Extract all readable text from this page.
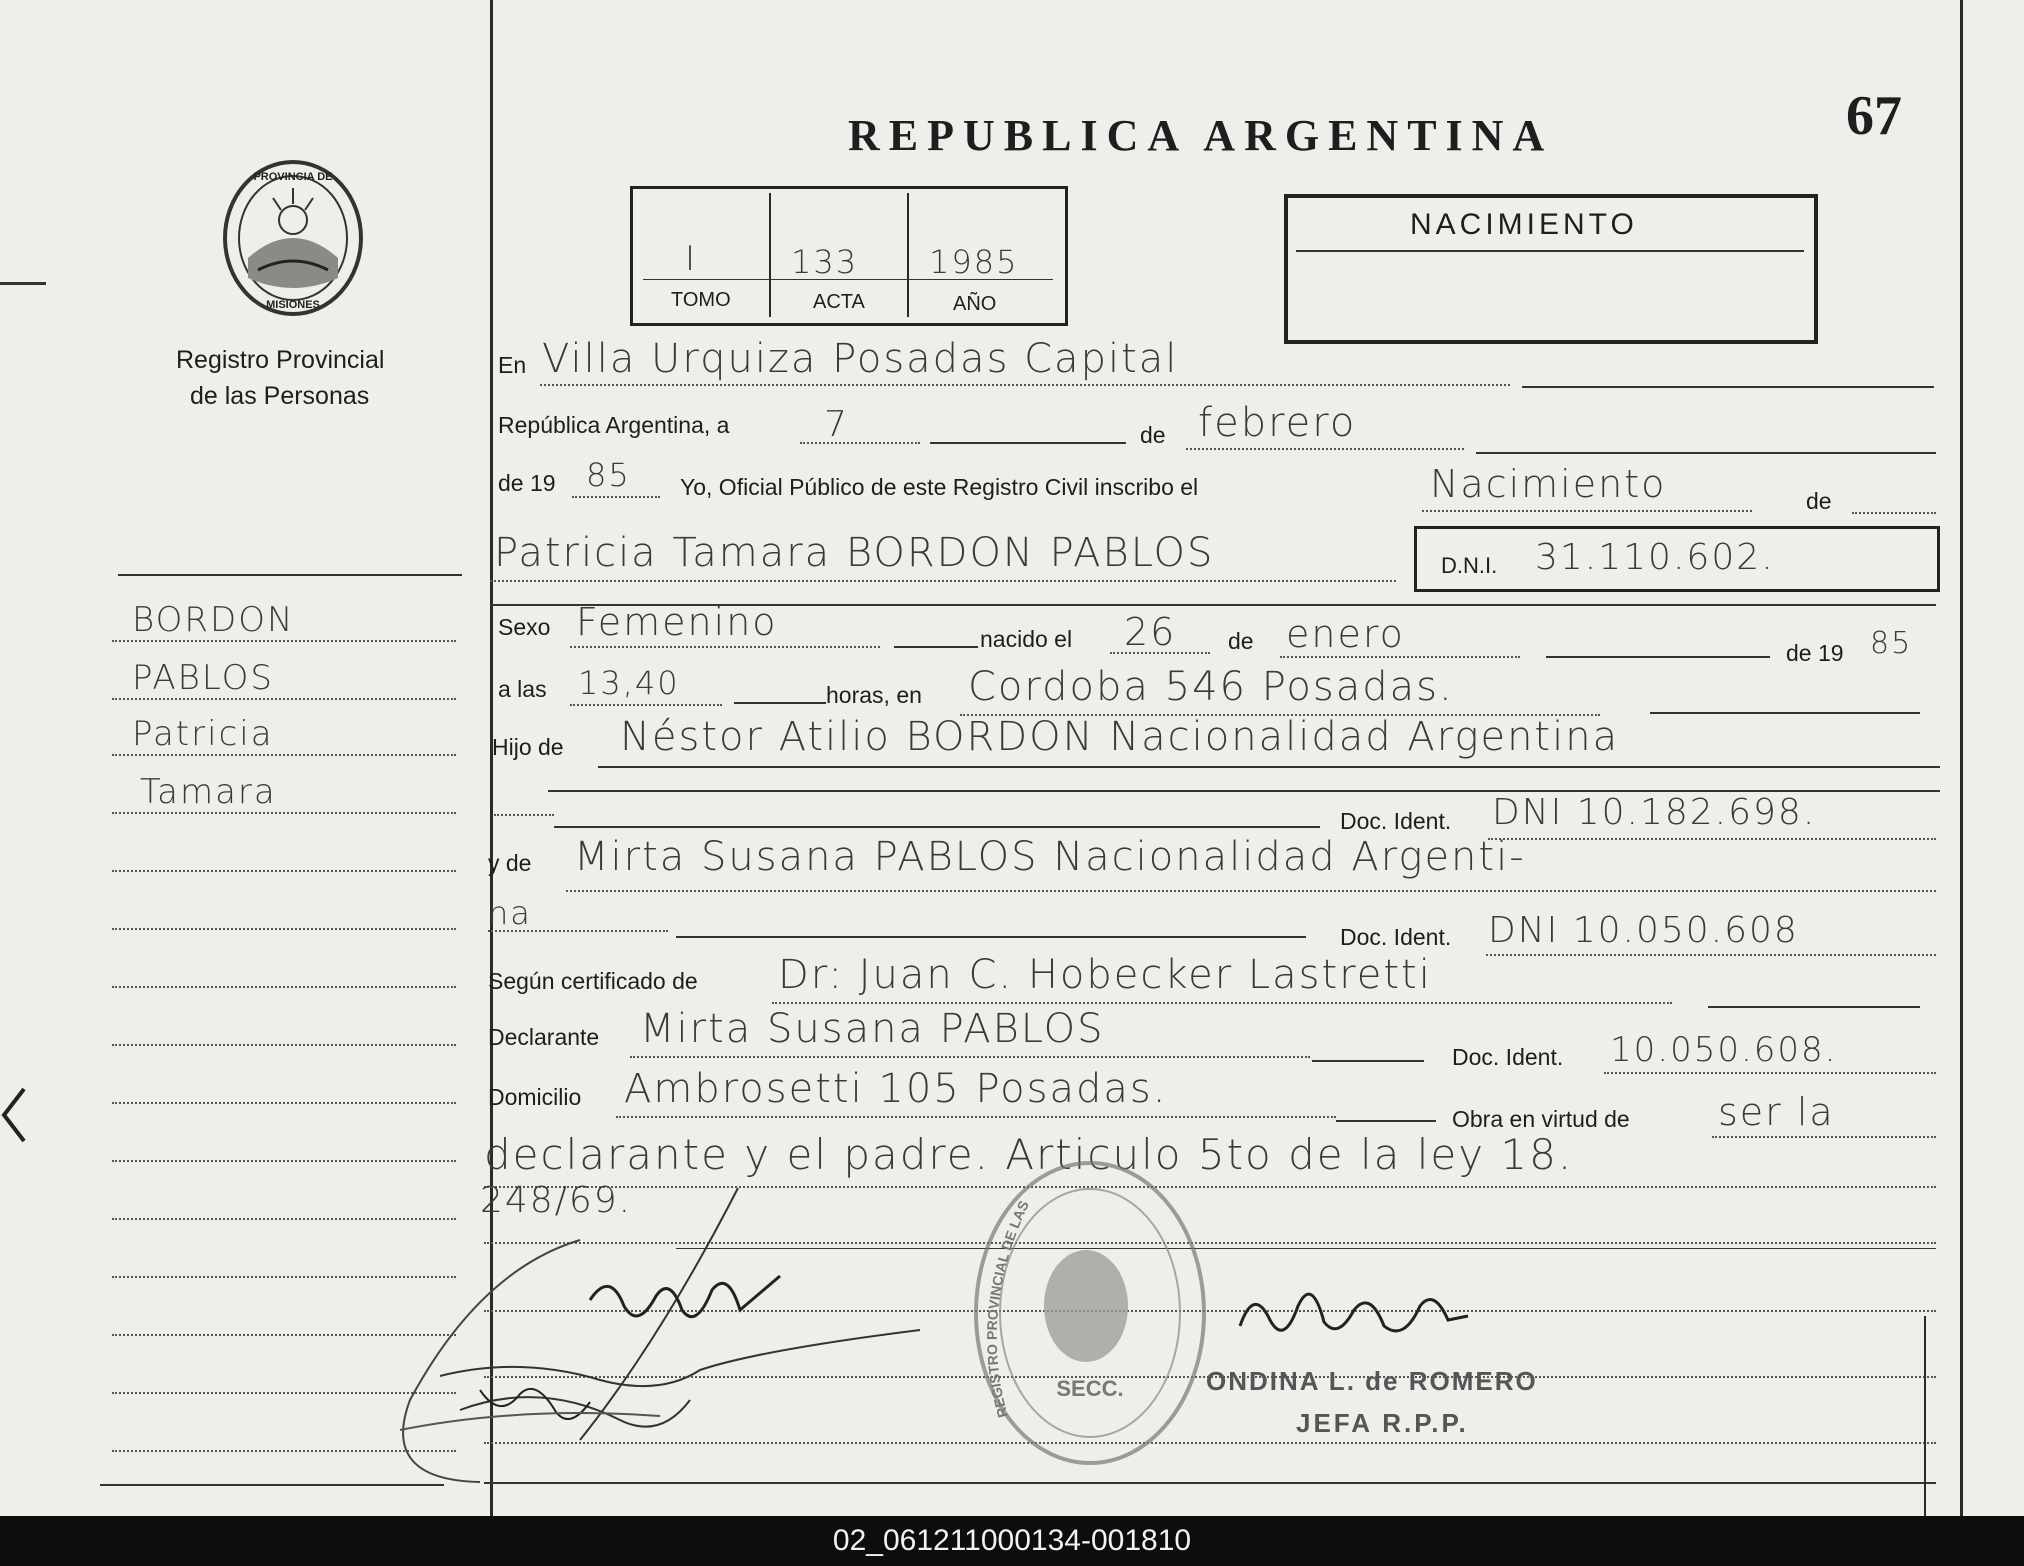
PROVINCIA DE
MISIONES
Registro Provincial
de las Personas
BORDON
PABLOS
Patricia
Tamara
REPUBLICA ARGENTINA	67
I	133 1985
TOMO	ACTA	AÑO
NACIMIENTO
En Villa Urquiza Posadas Capital
República Argentina, a	7	de febrero
de 19 85 Yo, Oficial Público de este Registro Civil inscribo el	Nacimiento	de
Patricia Tamara BORDON PABLOS	D.N.I. 31.110.602.
Sexo Femenino	nacido el 26 de enero	de 19 85
a las 13,40	horas, en Cordoba 546 Posadas.
Hijo de Néstor Atilio BORDON Nacionalidad Argentina
Doc. Ident. DNI 10.182.698.
y de Mirta Susana PABLOS Nacionalidad Argenti-
na
Doc. Ident. DNI 10.050.608
Según certificado de Dr: Juan C. Hobecker Lastretti
Declarante Mirta Susana PABLOS
Doc. Ident. 10.050.608.
Domicilio Ambrosetti 105 Posadas.
Obra en virtud de ser la
declarante y el padre. Articulo 5to de la ley 18.
248/69.
SECC.
REGISTRO PROVINCIAL DE LAS
ONDINA L. de ROMERO
JEFA R.P.P.
02_061211000134-001810
